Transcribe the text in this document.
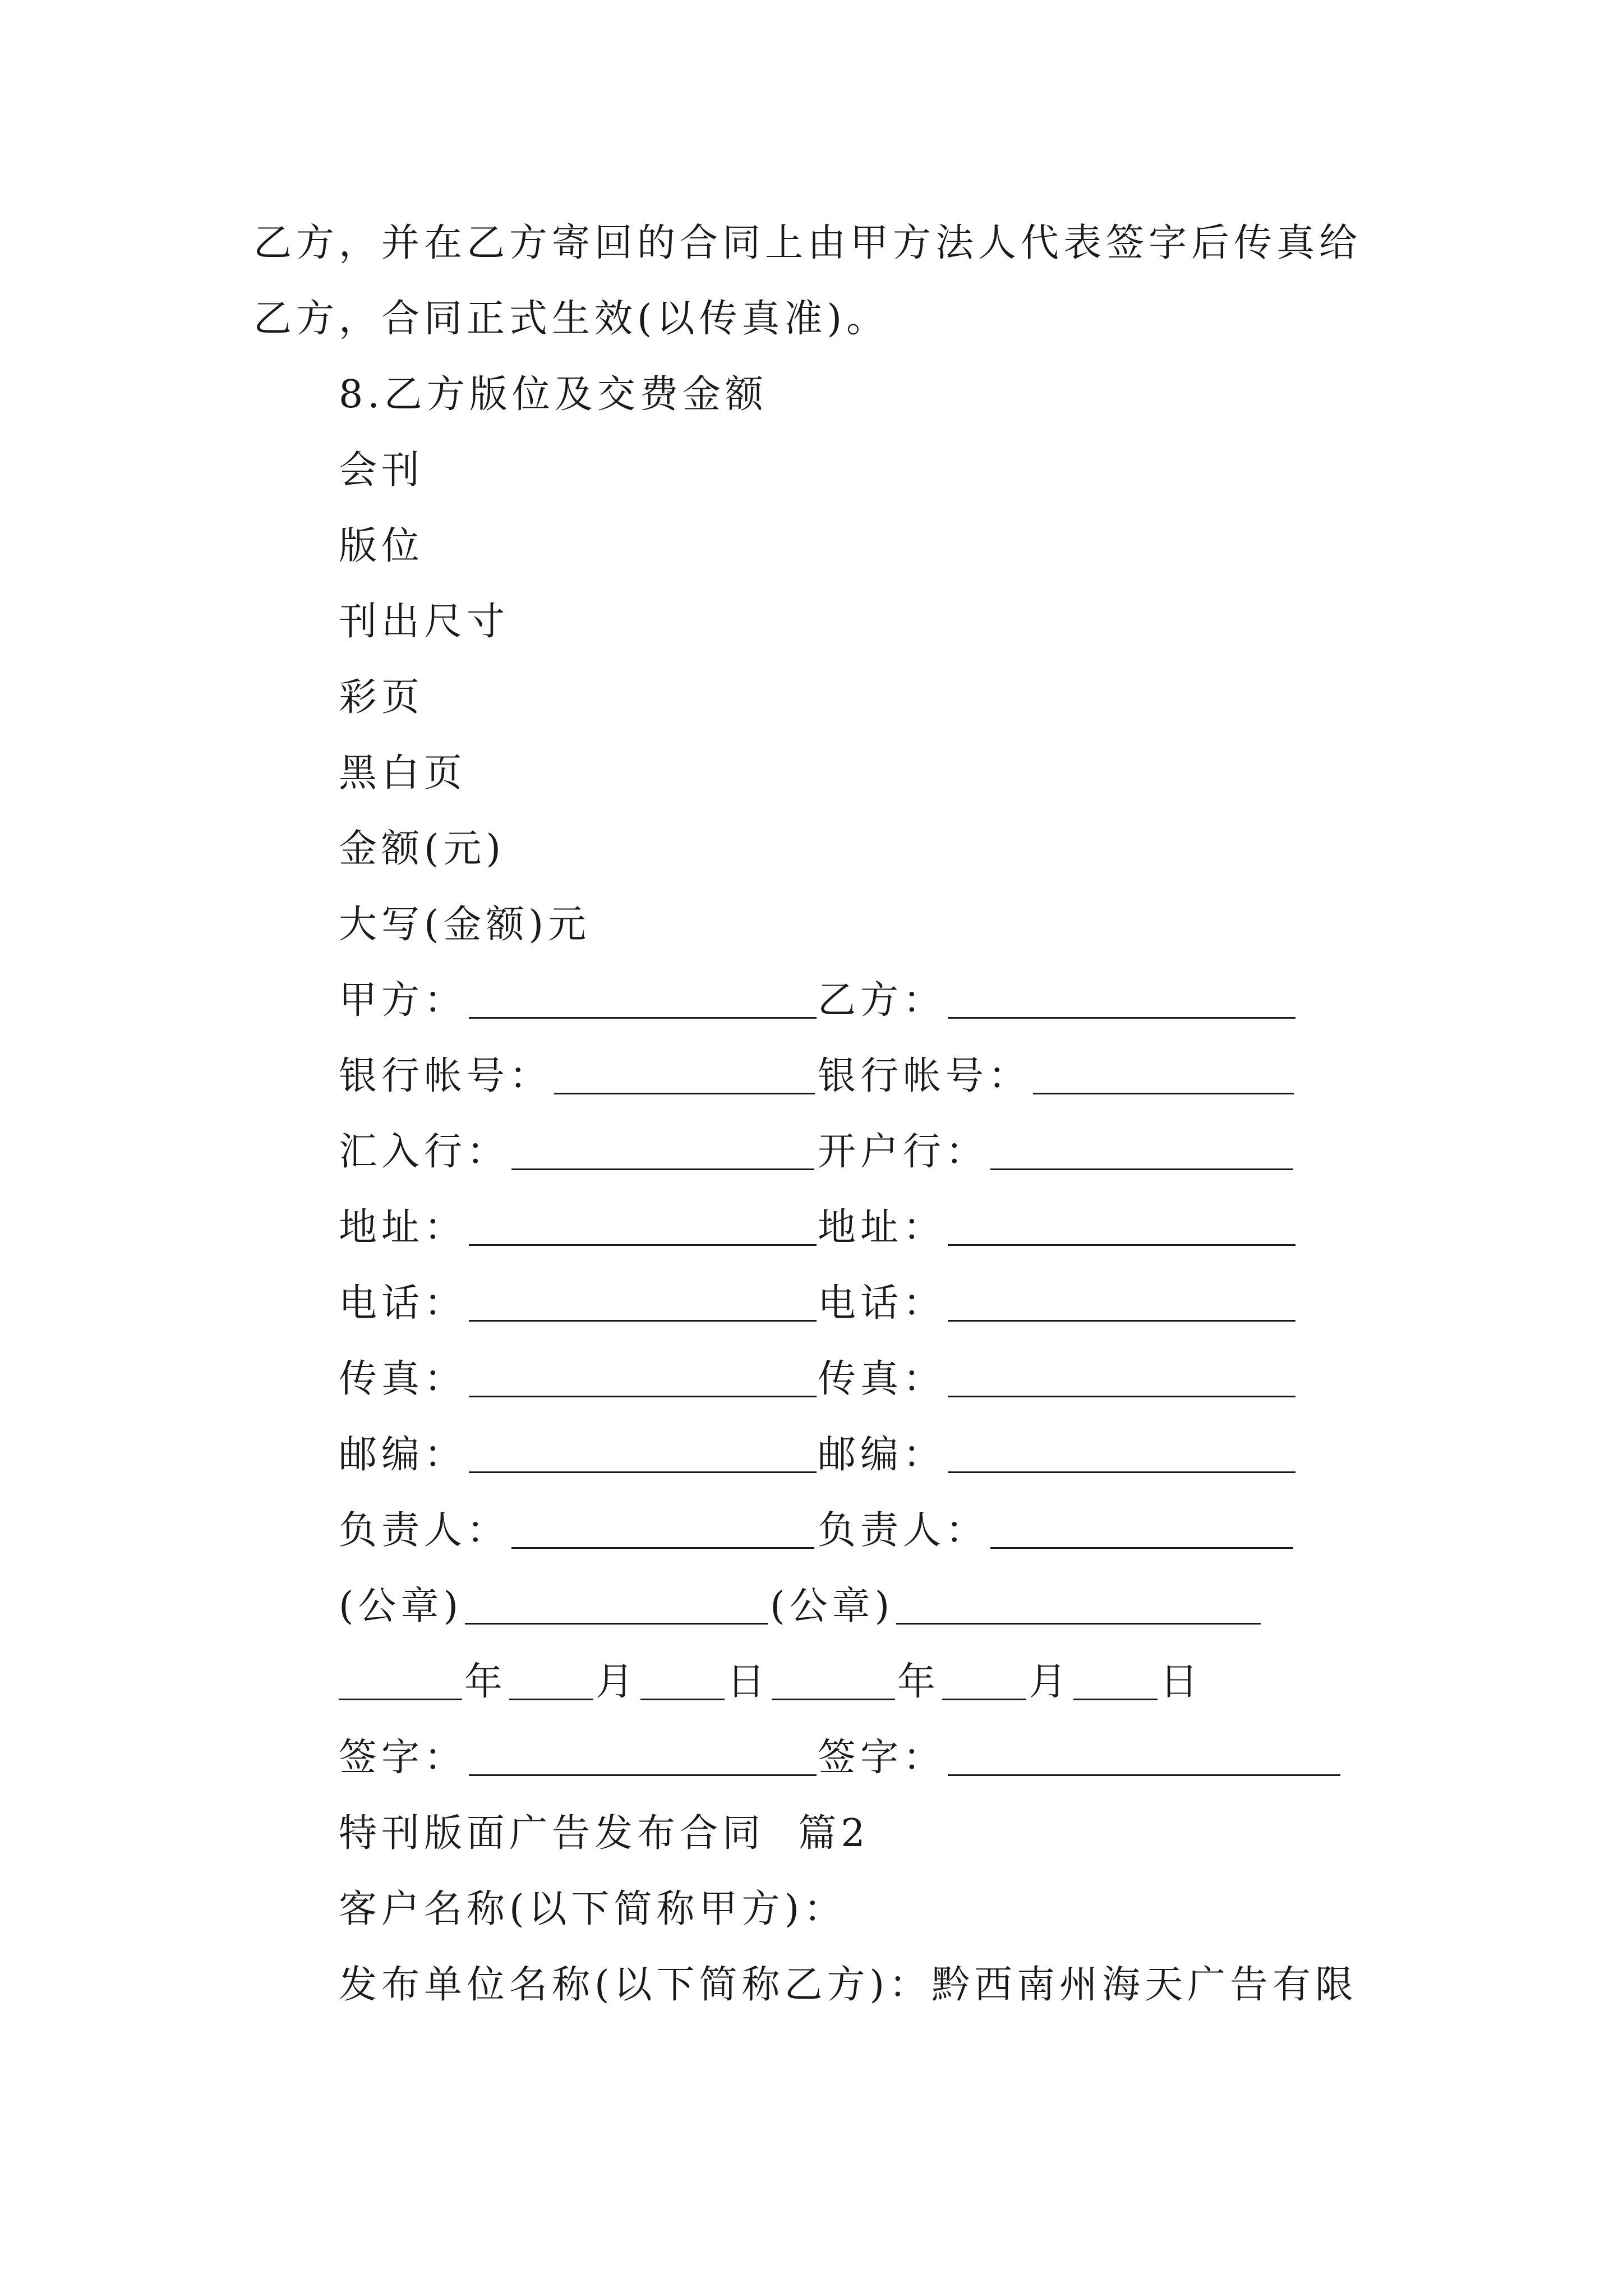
乙方，并在乙方寄回的合同上由甲方法人代表签字后传真给
乙方，合同正式生效(以传真准)。
8.乙方版位及交费金额
会刊
版位
刊出尺寸
彩页
黑白页
金额(元)
大写(金额)元
甲方：	乙方：
银行帐号：	银行帐号：
汇入行：	开户行：
地址：	地址：
电话：	电话：
传真：	传真：
邮编：	邮编：
负责人：	负责人：
(公章)	(公章)
年 月 日	年 月 日
签字：	签字：
特刊版面广告发布合同  篇2
客户名称(以下简称甲方)：
发布单位名称(以下简称乙方)：黔西南州海天广告有限
